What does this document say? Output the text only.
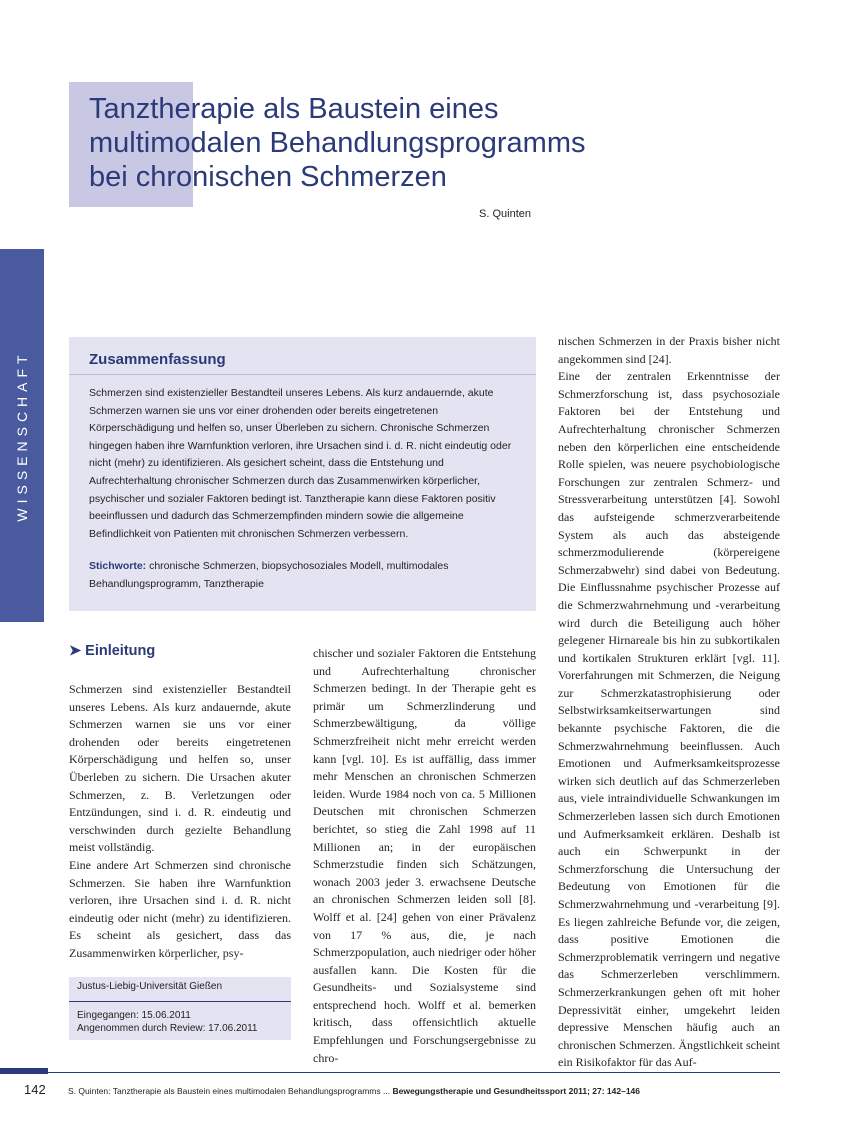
Tanztherapie als Baustein eines
multimodalen Behandlungsprogramms
bei chronischen Schmerzen
S. Quinten
WISSENSCHAFT	Zusammenfassung

Schmerzen sind existenzieller Bestandteil unseres Lebens. Als kurz andauernde, akute Schmerzen warnen sie uns vor einer drohenden oder bereits eingetretenen Körperschädigung und helfen so, unser Überleben zu sichern. Chronische Schmerzen hingegen haben ihre Warnfunktion verloren, ihre Ursachen sind i. d. R. nicht eindeutig oder nicht (mehr) zu identifizieren. Als gesichert scheint, dass die Entstehung und Aufrechterhaltung chronischer Schmerzen durch das Zusammenwirken körperlicher, psychischer und sozialer Faktoren bedingt ist. Tanztherapie kann diese Faktoren positiv beeinflussen und dadurch das Schmerzempfinden mindern sowie die allgemeine Befindlichkeit von Patienten mit chronischen Schmerzen verbessern.

Stichworte: chronische Schmerzen, biopsychosoziales Modell, multimodales Behandlungsprogramm, Tanztherapie

➤ Einleitung

Schmerzen sind existenzieller Bestandteil unseres Lebens. Als kurz andauernde, akute Schmerzen warnen sie uns vor einer drohenden oder bereits eingetretenen Körperschädigung und helfen so, unser Überleben zu sichern. Die Ursachen akuter Schmerzen, z. B. Verletzungen oder Entzündungen, sind i. d. R. eindeutig und verschwinden durch gezielte Behandlung meist vollständig.

Eine andere Art Schmerzen sind chronische Schmerzen. Sie haben ihre Warnfunktion verloren, ihre Ursachen sind i. d. R. nicht eindeutig oder nicht (mehr) zu identifizieren. Es scheint als gesichert, dass das Zusammenwirken körperlicher, psy-

chischer und sozialer Faktoren die Entstehung und Aufrechterhaltung chronischer Schmerzen bedingt. In der Therapie geht es primär um Schmerzlinderung und Schmerzbewältigung, da völlige Schmerzfreiheit nicht mehr erreicht werden kann [vgl. 10]. Es ist auffällig, dass immer mehr Menschen an chronischen Schmerzen leiden. Wurde 1984 noch von ca. 5 Millionen Deutschen mit chronischen Schmerzen berichtet, so stieg die Zahl 1998 auf 11 Millionen an; in der europäischen Schmerzstudie finden sich Schätzungen, wonach 2003 jeder 3. erwachsene Deutsche an chronischen Schmerzen leiden soll [8]. Wolff et al. [24] gehen von einer Prävalenz von 17 % aus, die, je nach Schmerzpopulation, auch niedriger oder höher ausfallen kann. Die Kosten für die Gesundheits- und Sozialsysteme sind entsprechend hoch. Wolff et al. bemerken kritisch, dass offensichtlich aktuelle Empfehlungen und Forschungsergebnisse zu chro-

nischen Schmerzen in der Praxis bisher nicht angekommen sind [24].

Eine der zentralen Erkenntnisse der Schmerzforschung ist, dass psychosoziale Faktoren bei der Entstehung und Aufrechterhaltung chronischer Schmerzen neben den körperlichen eine entscheidende Rolle spielen, was neuere psychobiologische Forschungen zur zentralen Schmerz- und Stressverarbeitung unterstützen [4]. Sowohl das aufsteigende schmerzverarbeitende System als auch das absteigende schmerzmodulierende (körpereigene Schmerzabwehr) sind dabei von Bedeutung. Die Einflussnahme psychischer Prozesse auf die Schmerzwahrnehmung und -verarbeitung wird durch die Beteiligung auch höher gelegener Hirnareale bis hin zu subkortikalen und kortikalen Strukturen erklärt [vgl. 11]. Vorerfahrungen mit Schmerzen, die Neigung zur Schmerzkatastrophisierung oder Selbstwirksamkeitserwartungen sind bekannte psychische Faktoren, die die Schmerzwahrnehmung beeinflussen. Auch Emotionen und Aufmerksamkeitsprozesse wirken sich deutlich auf das Schmerzerleben aus, viele intraindividuelle Schwankungen im Schmerzerleben lassen sich durch Emotionen und Aufmerksamkeit erklären. Deshalb ist auch ein Schwerpunkt in der Schmerzforschung die Untersuchung der Bedeutung von Emotionen für die Schmerzwahrnehmung und -verarbeitung [9]. Es liegen zahlreiche Befunde vor, die zeigen, dass positive Emotionen die Schmerzproblematik verringern und negative das Schmerzerleben verschlimmern. Schmerzerkrankungen gehen oft mit hoher Depressivität einher, umgekehrt leiden depressive Menschen häufig auch an chronischen Schmerzen. Ängstlichkeit scheint ein Risikofaktor für das Auf-

Justus-Liebig-Universität Gießen
Eingegangen: 15.06.2011
Angenommen durch Review: 17.06.2011
142	S. Quinten: Tanztherapie als Baustein eines multimodalen Behandlungsprogramms ... Bewegungstherapie und Gesundheitssport 2011; 27: 142–146
